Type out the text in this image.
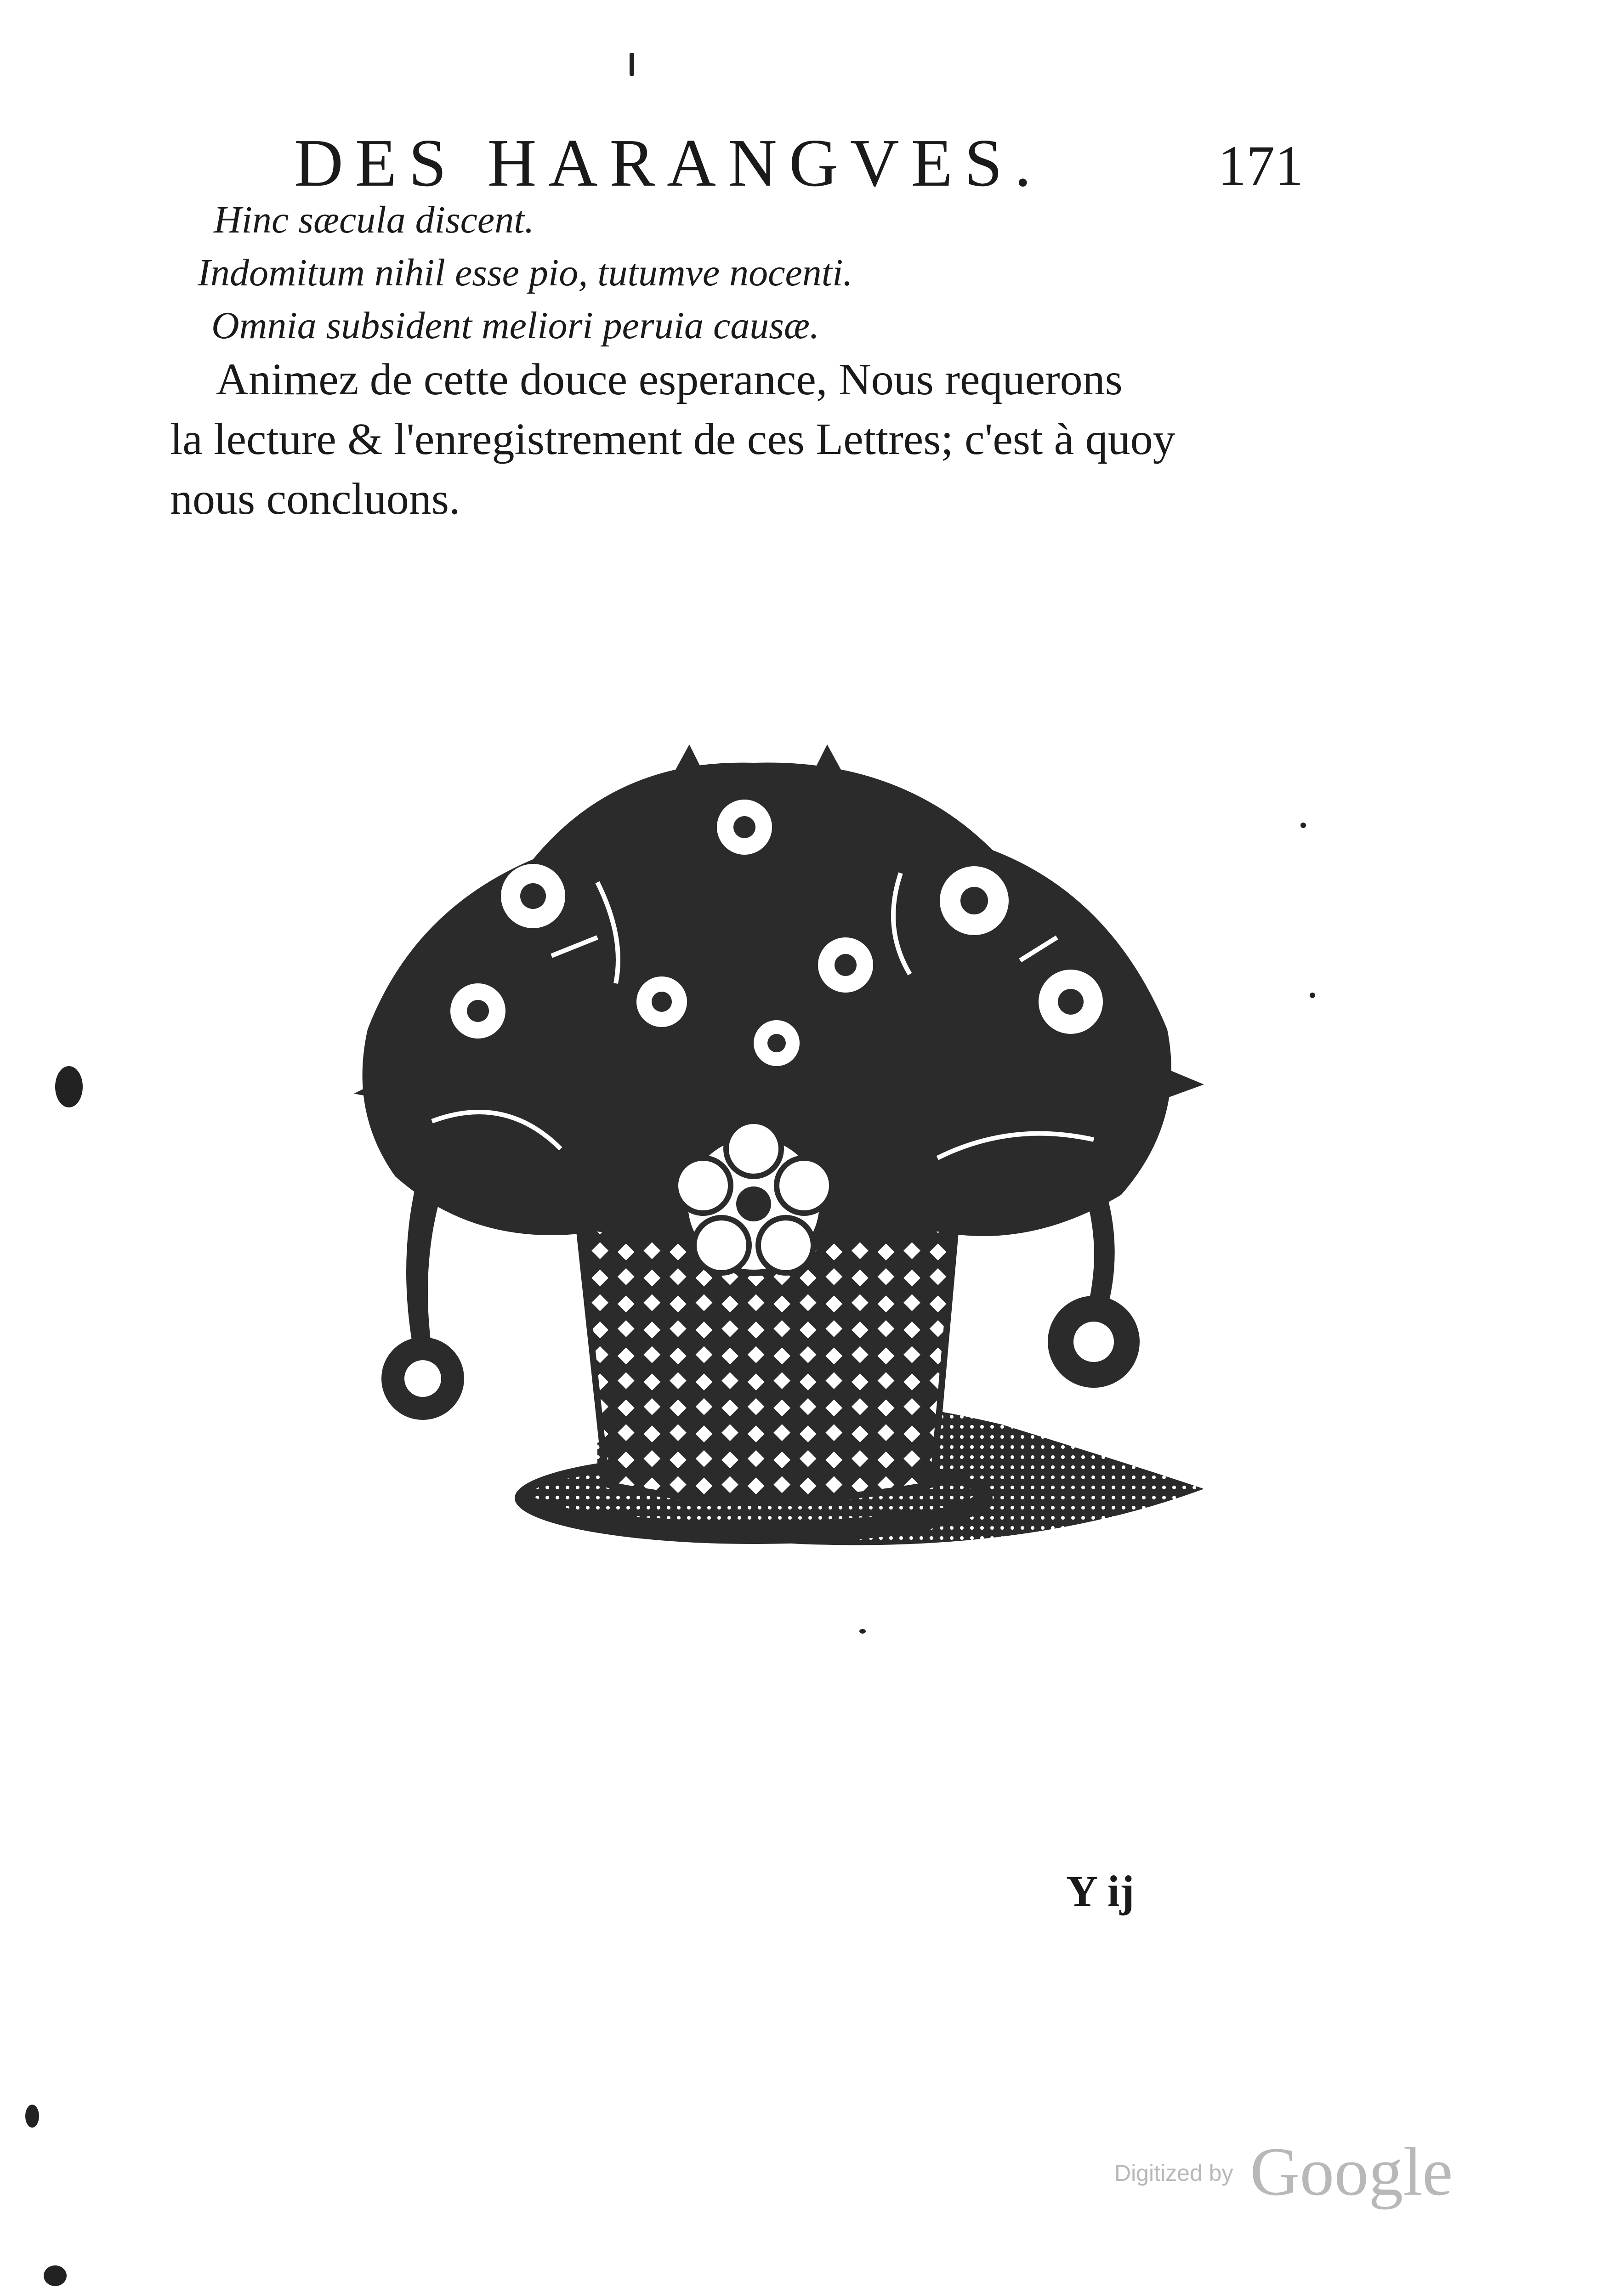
DES HARANGVES.	171
Hinc sæcula discent.
Indomitum nihil esse pio, tutumve nocenti.
Omnia subsident meliori peruia causæ.
Animez de cette douce esperance, Nous requerons
la lecture & l'enregistrement de ces Lettres; c'est à quoy
nous concluons.
Y ij
Digitized by Google
